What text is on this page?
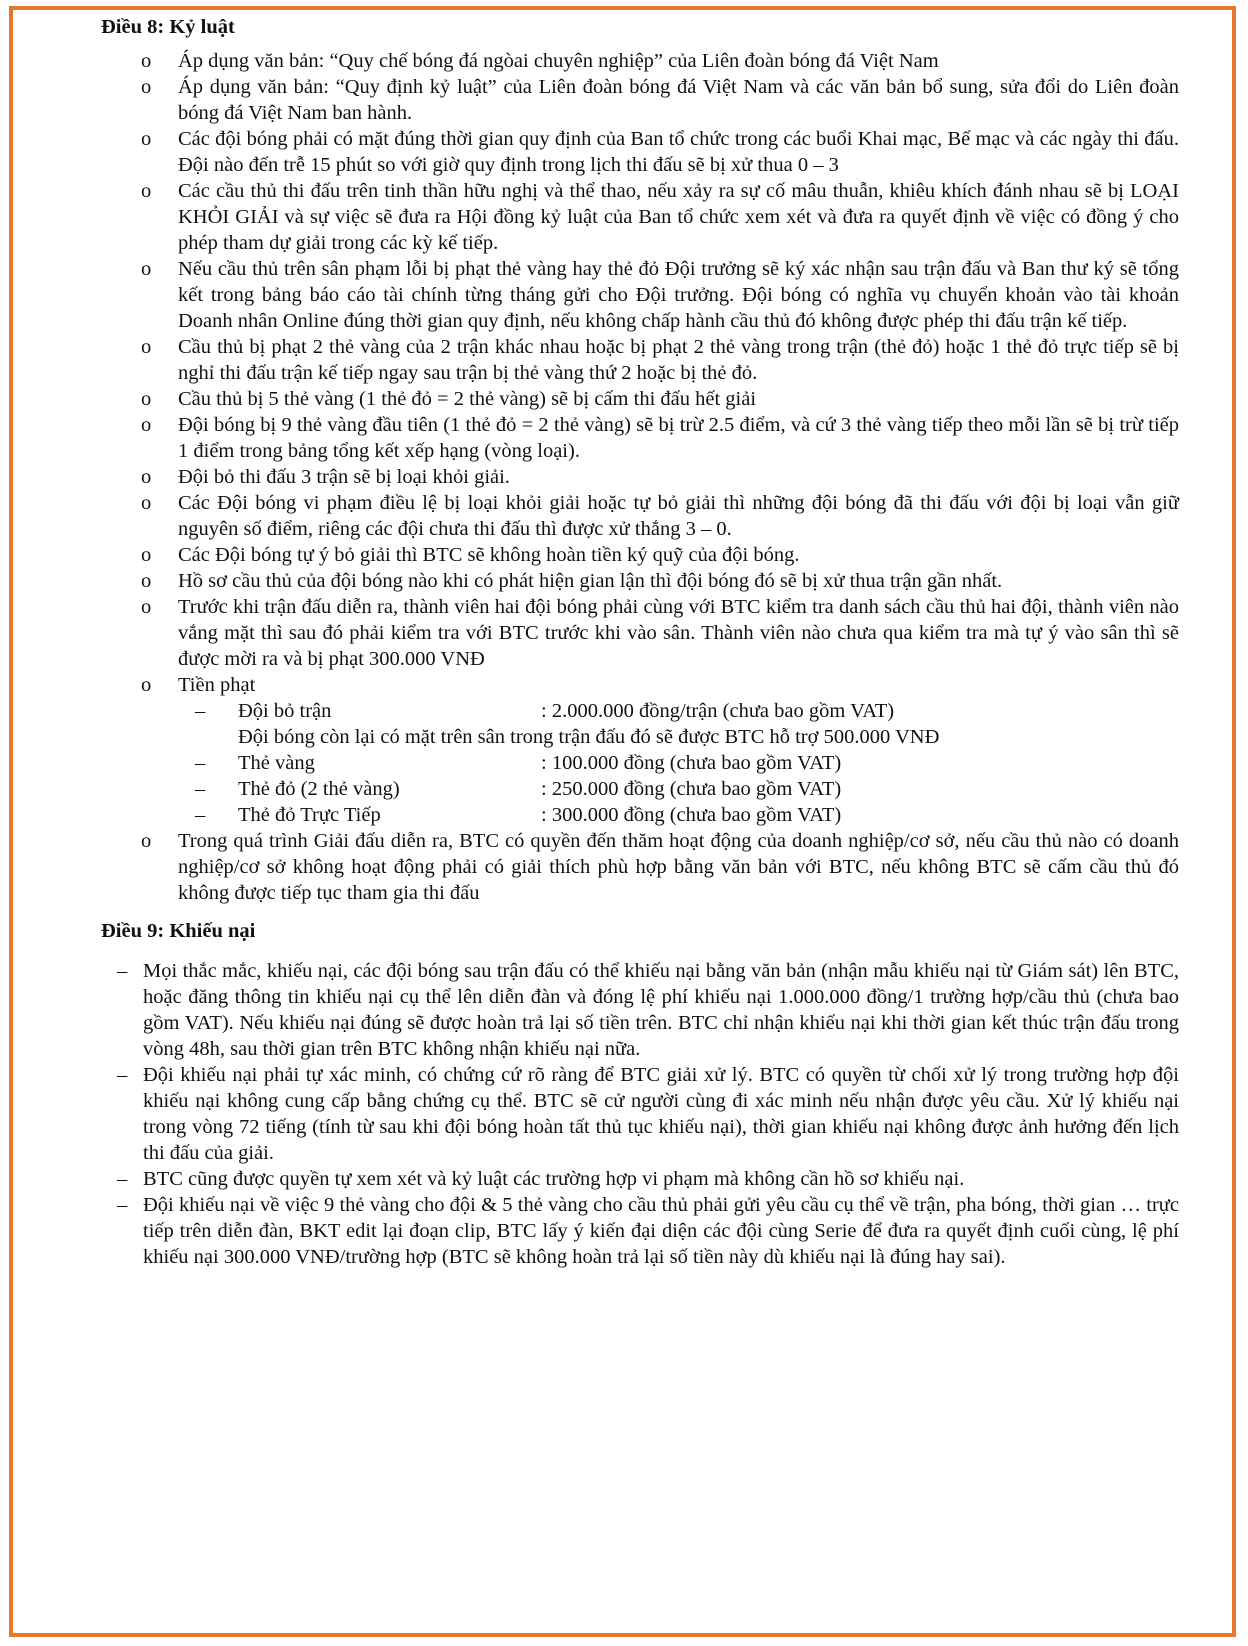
Điều 8: Kỷ luật
o Áp dụng văn bản: “Quy chế bóng đá ngòai chuyên nghiệp” của Liên đoàn bóng đá Việt Nam
o Áp dụng văn bản: “Quy định kỷ luật” của Liên đoàn bóng đá Việt Nam và các văn bản bổ sung, sửa đổi do Liên đoàn bóng đá Việt Nam ban hành.
o Các đội bóng phải có mặt đúng thời gian quy định của Ban tổ chức trong các buổi Khai mạc, Bế mạc và các ngày thi đấu. Đội nào đến trễ 15 phút so với giờ quy định trong lịch thi đấu sẽ bị xử thua 0 – 3
o Các cầu thủ thi đấu trên tinh thần hữu nghị và thể thao, nếu xảy ra sự cố mâu thuẫn, khiêu khích đánh nhau sẽ bị LOẠI KHỎI GIẢI và sự việc sẽ đưa ra Hội đồng kỷ luật của Ban tổ chức xem xét và đưa ra quyết định về việc có đồng ý cho phép tham dự giải trong các kỳ kế tiếp.
o Nếu cầu thủ trên sân phạm lỗi bị phạt thẻ vàng hay thẻ đỏ Đội trưởng sẽ ký xác nhận sau trận đấu và Ban thư ký sẽ tổng kết trong bảng báo cáo tài chính từng tháng gửi cho Đội trưởng. Đội bóng có nghĩa vụ chuyển khoản vào tài khoản Doanh nhân Online đúng thời gian quy định, nếu không chấp hành cầu thủ đó không được phép thi đấu trận kế tiếp.
o Cầu thủ bị phạt 2 thẻ vàng của 2 trận khác nhau hoặc bị phạt 2 thẻ vàng trong trận (thẻ đỏ) hoặc 1 thẻ đỏ trực tiếp sẽ bị nghỉ thi đấu trận kế tiếp ngay sau trận bị thẻ vàng thứ 2 hoặc bị thẻ đỏ.
o Cầu thủ bị 5 thẻ vàng (1 thẻ đỏ = 2 thẻ vàng) sẽ bị cấm thi đấu hết giải
o Đội bóng bị 9 thẻ vàng đầu tiên (1 thẻ đỏ = 2 thẻ vàng) sẽ bị trừ 2.5 điểm, và cứ 3 thẻ vàng tiếp theo mỗi lần sẽ bị trừ tiếp 1 điểm trong bảng tổng kết xếp hạng (vòng loại).
o Đội bỏ thi đấu 3 trận sẽ bị loại khỏi giải.
o Các Đội bóng vi phạm điều lệ bị loại khỏi giải hoặc tự bỏ giải thì những đội bóng đã thi đấu với đội bị loại vẫn giữ nguyên số điểm, riêng các đội chưa thi đấu thì được xử thắng 3 – 0.
o Các Đội bóng tự ý bỏ giải thì BTC sẽ không hoàn tiền ký quỹ của đội bóng.
o Hồ sơ cầu thủ của đội bóng nào khi có phát hiện gian lận thì đội bóng đó sẽ bị xử thua trận gần nhất.
o Trước khi trận đấu diễn ra, thành viên hai đội bóng phải cùng với BTC kiểm tra danh sách cầu thủ hai đội, thành viên nào vắng mặt thì sau đó phải kiểm tra với BTC trước khi vào sân. Thành viên nào chưa qua kiểm tra mà tự ý vào sân thì sẽ được mời ra và bị phạt 300.000 VNĐ
o Tiền phạt
– Đội bỏ trận	: 2.000.000 đồng/trận (chưa bao gồm VAT)
Đội bóng còn lại có mặt trên sân trong trận đấu đó sẽ được BTC hỗ trợ 500.000 VNĐ
– Thẻ vàng	: 100.000 đồng (chưa bao gồm VAT)
– Thẻ đỏ (2 thẻ vàng)	: 250.000 đồng (chưa bao gồm VAT)
– Thẻ đỏ Trực Tiếp	: 300.000 đồng (chưa bao gồm VAT)
o Trong quá trình Giải đấu diễn ra, BTC có quyền đến thăm hoạt động của doanh nghiệp/cơ sở, nếu cầu thủ nào có doanh nghiệp/cơ sở không hoạt động phải có giải thích phù hợp bằng văn bản với BTC, nếu không BTC sẽ cấm cầu thủ đó không được tiếp tục tham gia thi đấu
Điều 9: Khiếu nại
– Mọi thắc mắc, khiếu nại, các đội bóng sau trận đấu có thể khiếu nại bằng văn bản (nhận mẫu khiếu nại từ Giám sát) lên BTC, hoặc đăng thông tin khiếu nại cụ thể lên diễn đàn và đóng lệ phí khiếu nại 1.000.000 đồng/1 trường hợp/cầu thủ (chưa bao gồm VAT). Nếu khiếu nại đúng sẽ được hoàn trả lại số tiền trên. BTC chỉ nhận khiếu nại khi thời gian kết thúc trận đấu trong vòng 48h, sau thời gian trên BTC không nhận khiếu nại nữa.
– Đội khiếu nại phải tự xác minh, có chứng cứ rõ ràng để BTC giải xử lý. BTC có quyền từ chối xử lý trong trường hợp đội khiếu nại không cung cấp bằng chứng cụ thể. BTC sẽ cử người cùng đi xác minh nếu nhận được yêu cầu. Xử lý khiếu nại trong vòng 72 tiếng (tính từ sau khi đội bóng hoàn tất thủ tục khiếu nại), thời gian khiếu nại không được ảnh hưởng đến lịch thi đấu của giải.
– BTC cũng được quyền tự xem xét và kỷ luật các trường hợp vi phạm mà không cần hồ sơ khiếu nại.
– Đội khiếu nại về việc 9 thẻ vàng cho đội & 5 thẻ vàng cho cầu thủ phải gửi yêu cầu cụ thể về trận, pha bóng, thời gian … trực tiếp trên diễn đàn, BKT edit lại đoạn clip, BTC lấy ý kiến đại diện các đội cùng Serie để đưa ra quyết định cuối cùng, lệ phí khiếu nại 300.000 VNĐ/trường hợp (BTC sẽ không hoàn trả lại số tiền này dù khiếu nại là đúng hay sai).
